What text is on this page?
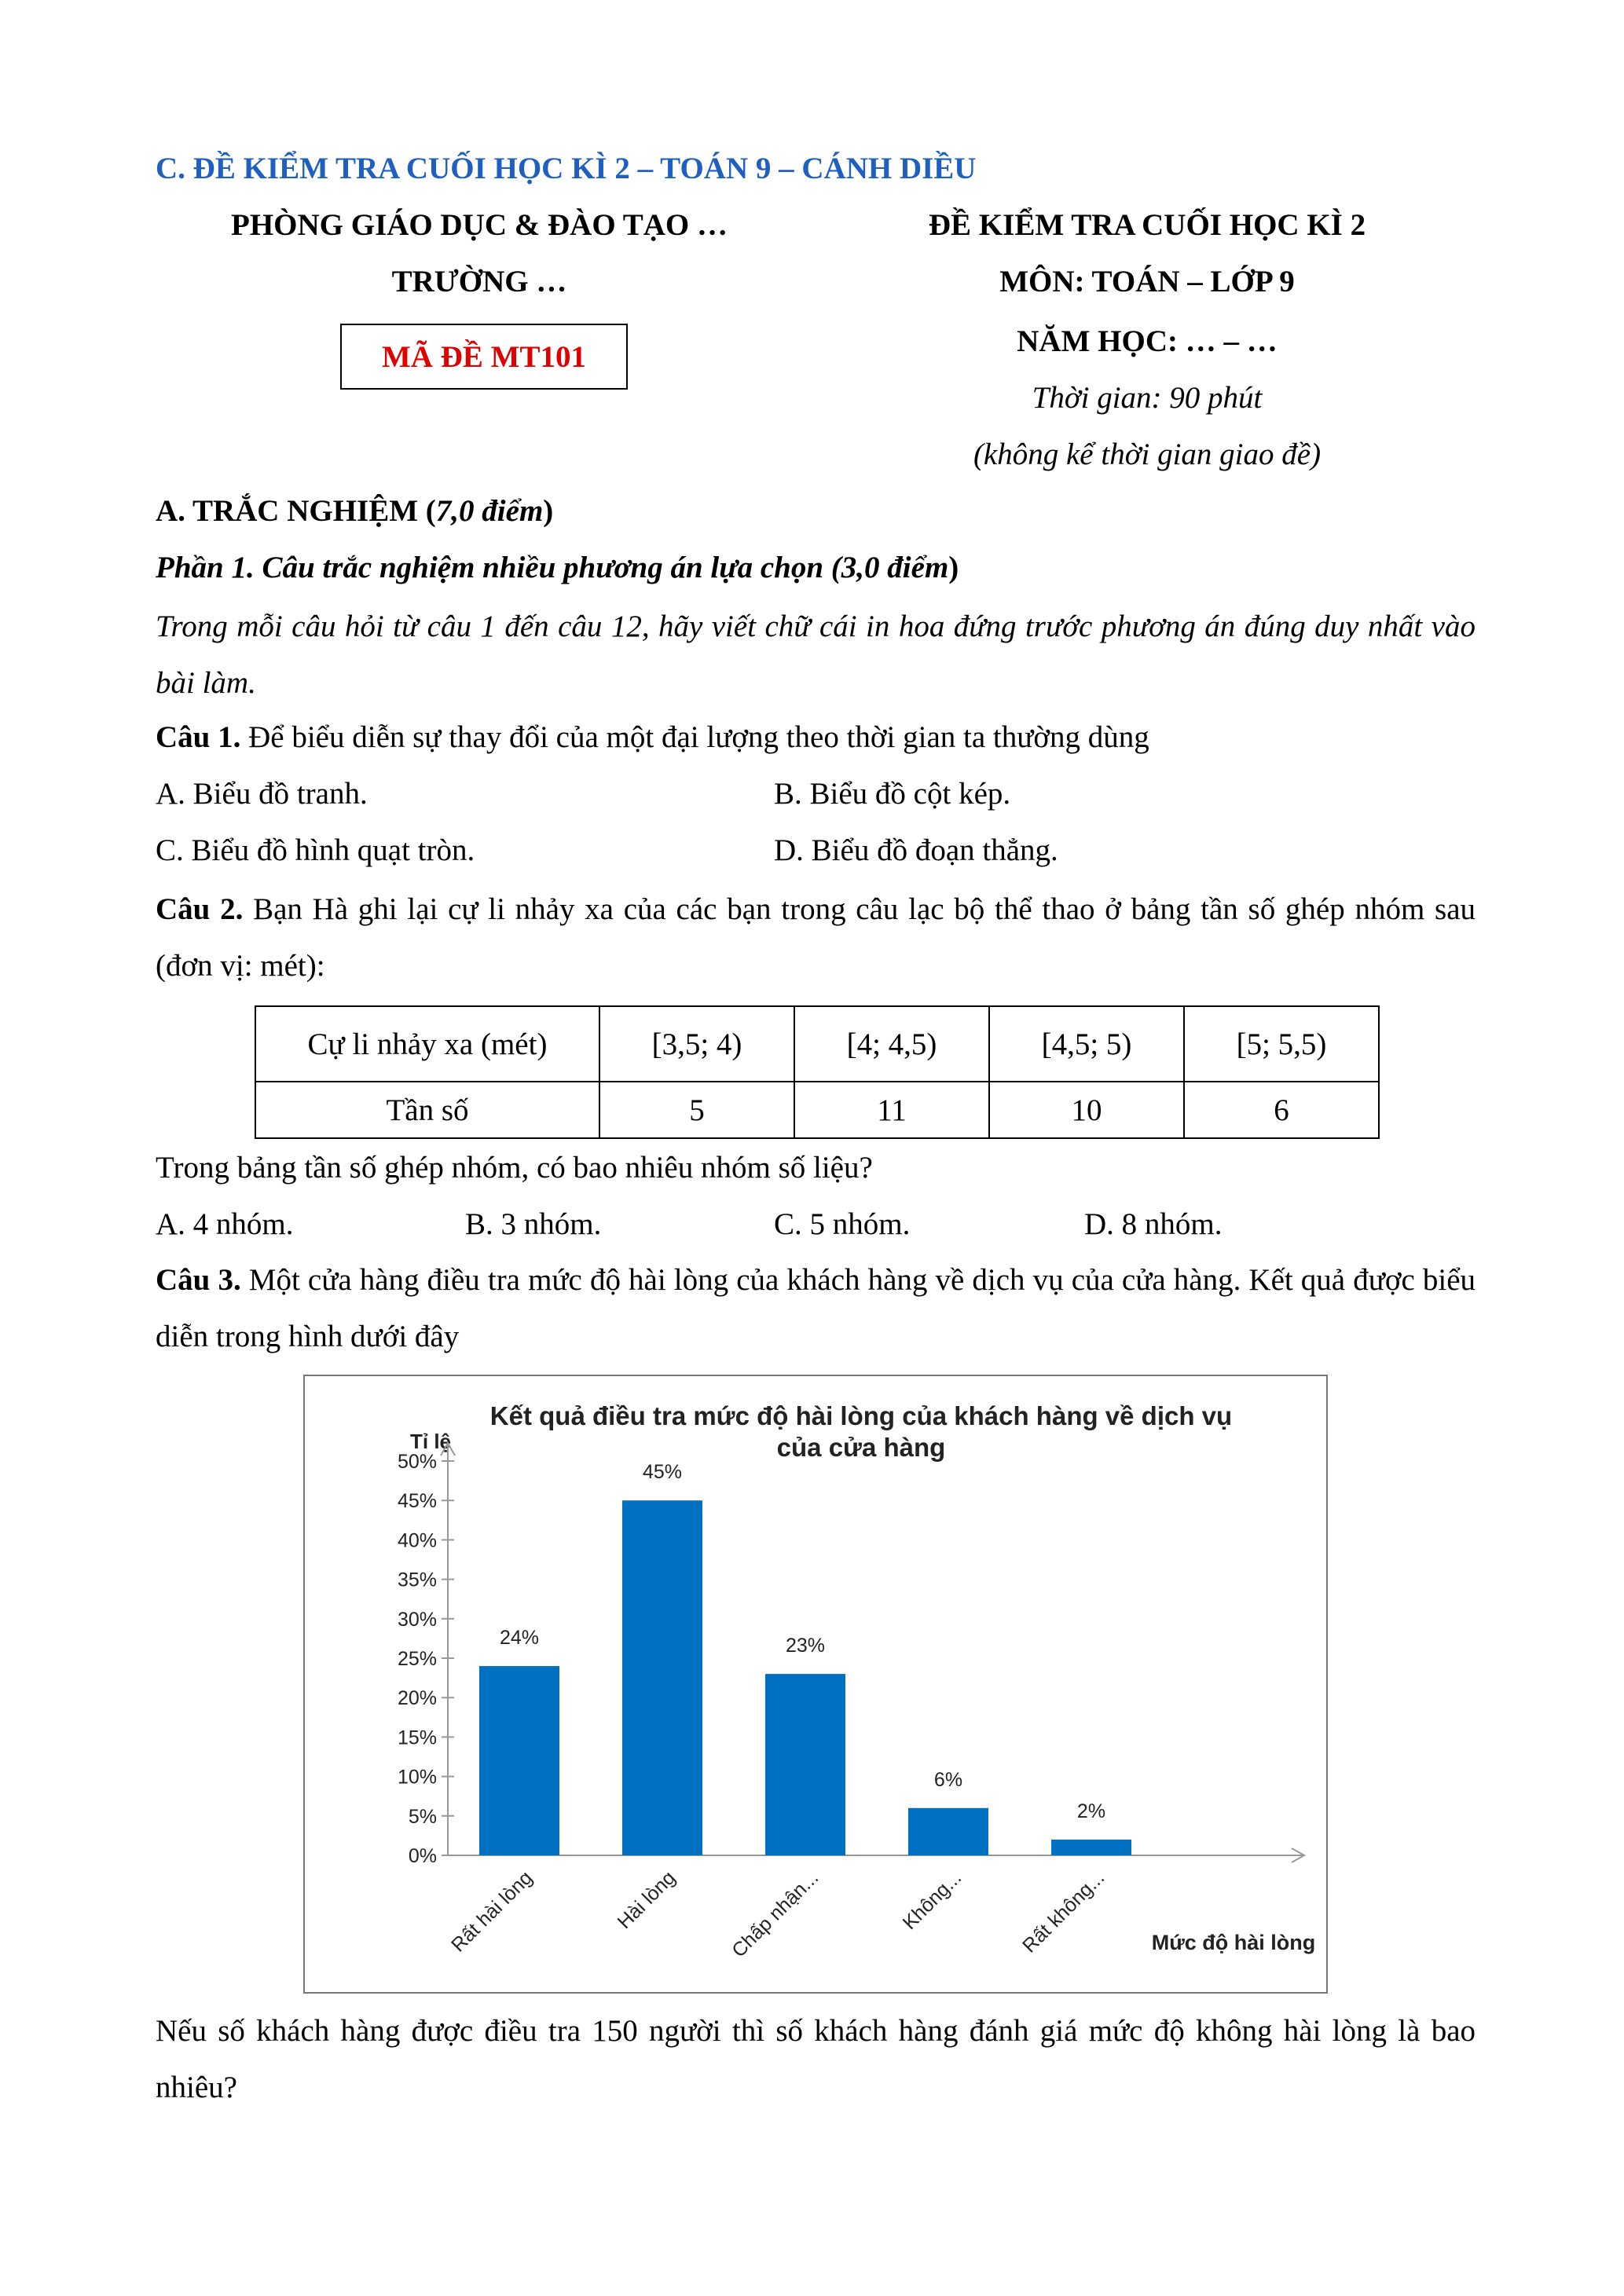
C. ĐỀ KIỂM TRA CUỐI HỌC KÌ 2 – TOÁN 9 – CÁNH DIỀU
PHÒNG GIÁO DỤC & ĐÀO TẠO …
TRƯỜNG …
MÃ ĐỀ MT101
ĐỀ KIỂM TRA CUỐI HỌC KÌ 2
MÔN: TOÁN – LỚP 9
NĂM HỌC: … – …
Thời gian: 90 phút
(không kể thời gian giao đề)
A. TRẮC NGHIỆM (7,0 điểm)
Phần 1. Câu trắc nghiệm nhiều phương án lựa chọn (3,0 điểm)
Trong mỗi câu hỏi từ câu 1 đến câu 12, hãy viết chữ cái in hoa đứng trước phương án đúng duy nhất vào bài làm.
Câu 1. Để biểu diễn sự thay đổi của một đại lượng theo thời gian ta thường dùng
A. Biểu đồ tranh.	B. Biểu đồ cột kép.
C. Biểu đồ hình quạt tròn.	D. Biểu đồ đoạn thẳng.
Câu 2. Bạn Hà ghi lại cự li nhảy xa của các bạn trong câu lạc bộ thể thao ở bảng tần số ghép nhóm sau (đơn vị: mét):
Cự li nhảy xa (mét)	[3,5; 4)	[4; 4,5)	[4,5; 5)	[5; 5,5)
Tần số	5	11	10	6
Trong bảng tần số ghép nhóm, có bao nhiêu nhóm số liệu?
A. 4 nhóm.	B. 3 nhóm.	C. 5 nhóm.	D. 8 nhóm.
Câu 3. Một cửa hàng điều tra mức độ hài lòng của khách hàng về dịch vụ của cửa hàng. Kết quả được biểu diễn trong hình dưới đây
Kết quả điều tra mức độ hài lòng của khách hàng về dịch vụ
của cửa hàng
Tỉ lệ
0%
5%
10%
15%
20%
25%
30%
35%
40%
45%
50%
24%
Rất hài lòng
45%
Hài lòng
23%
Chấp nhận...
6%
Không...
2%
Rất không... Mức độ hài lòng
Nếu số khách hàng được điều tra 150 người thì số khách hàng đánh giá mức độ không hài lòng là bao nhiêu?
